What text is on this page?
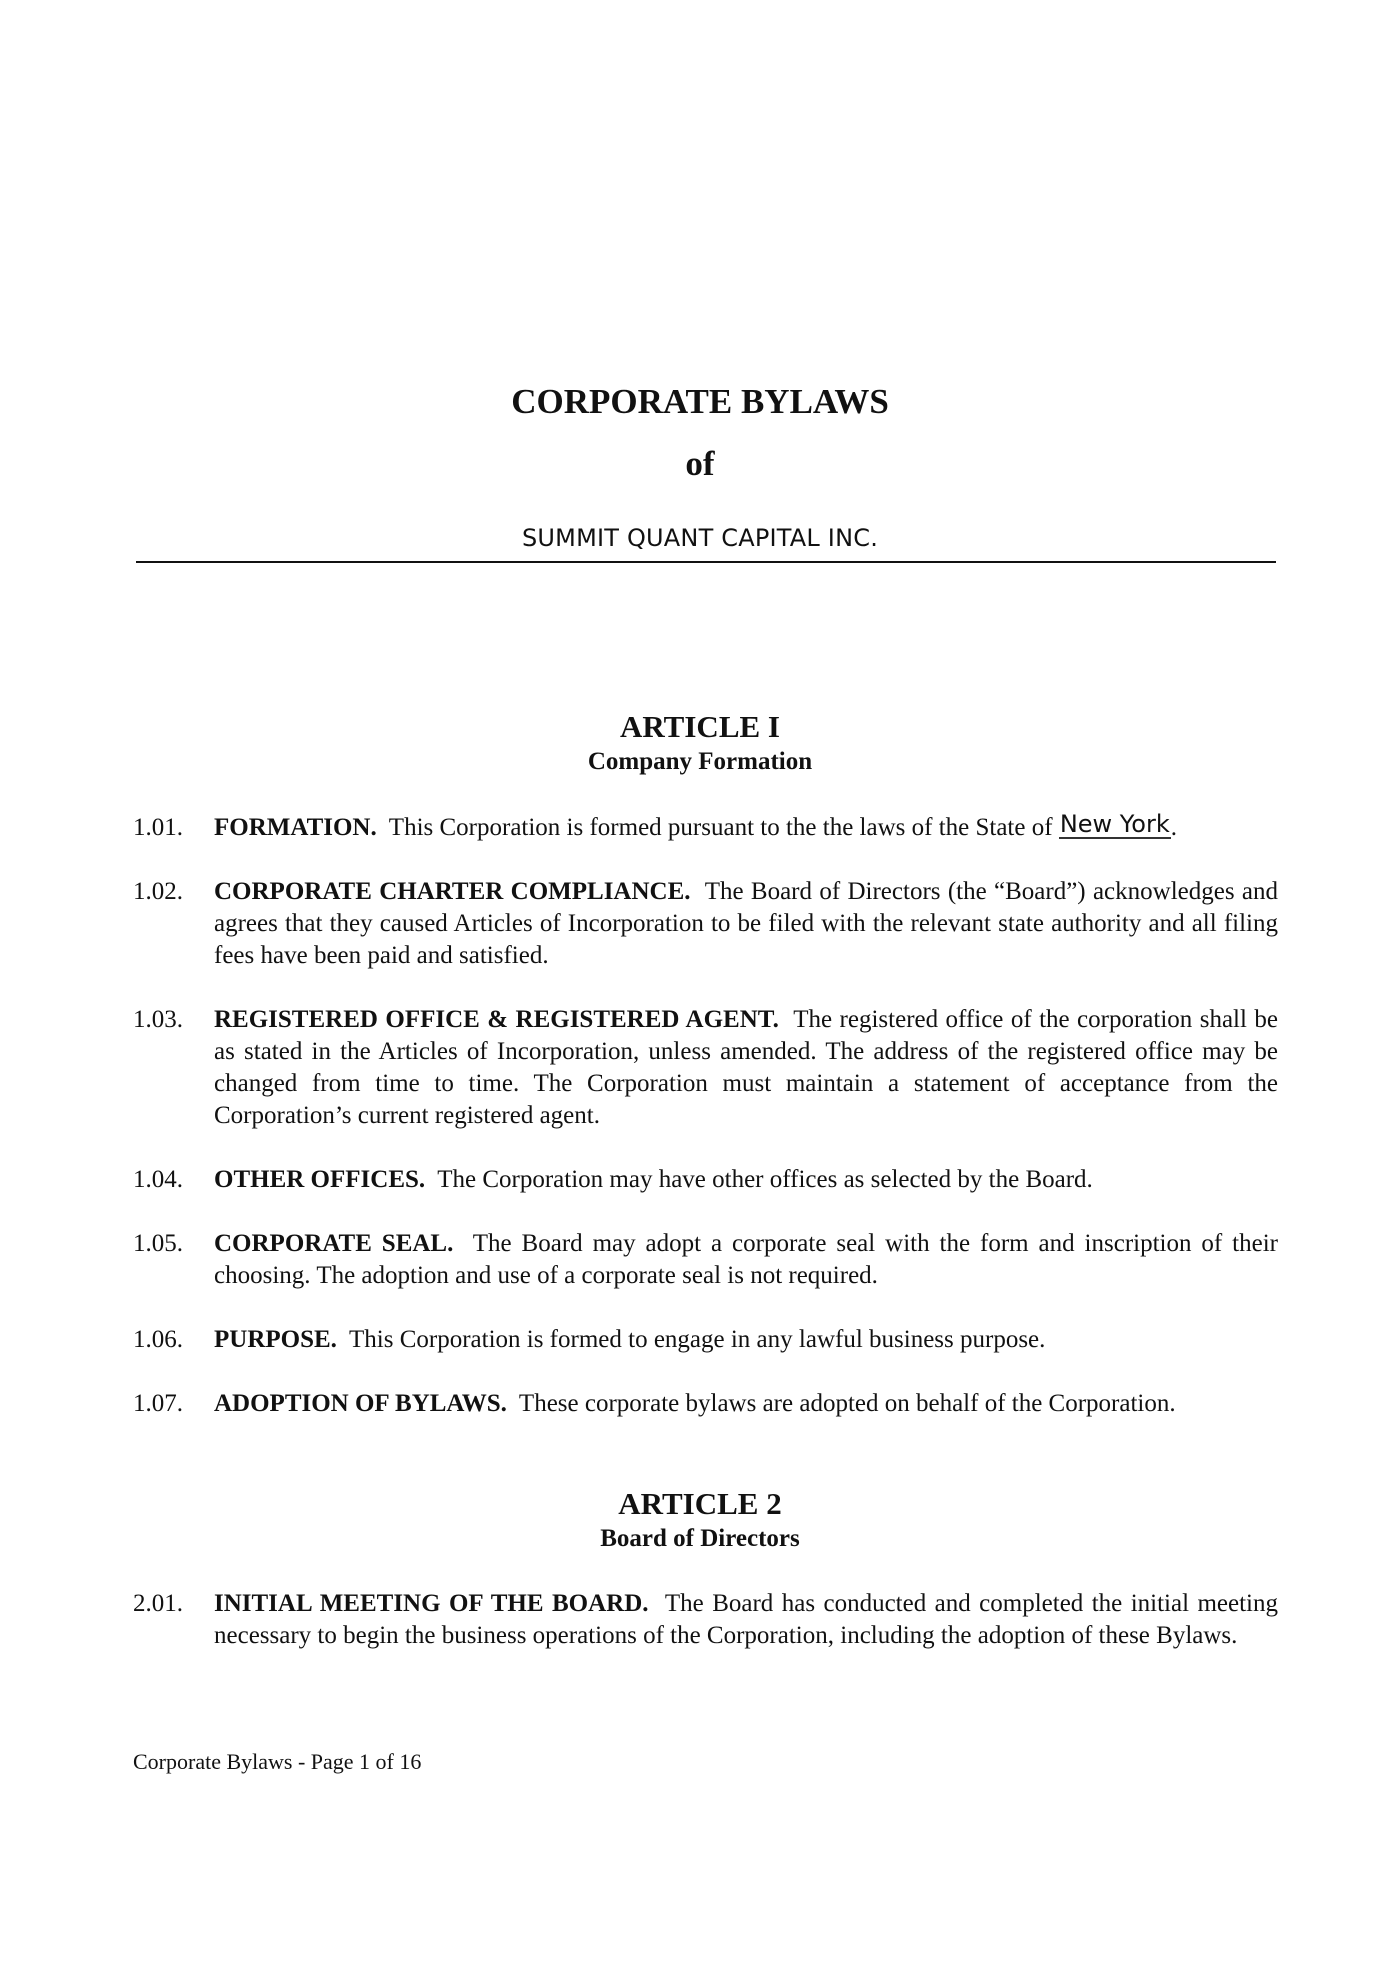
CORPORATE BYLAWS
of
SUMMIT QUANT CAPITAL INC.
ARTICLE I
Company Formation
1.01. FORMATION. This Corporation is formed pursuant to the the laws of the State of New York.
1.02. CORPORATE CHARTER COMPLIANCE. The Board of Directors (the “Board”) acknowledges and agrees that they caused Articles of Incorporation to be filed with the relevant state authority and all filing fees have been paid and satisfied.
1.03. REGISTERED OFFICE & REGISTERED AGENT. The registered office of the corporation shall be as stated in the Articles of Incorporation, unless amended. The address of the registered office may be changed from time to time. The Corporation must maintain a statement of acceptance from the Corporation’s current registered agent.
1.04. OTHER OFFICES. The Corporation may have other offices as selected by the Board.
1.05. CORPORATE SEAL. The Board may adopt a corporate seal with the form and inscription of their choosing. The adoption and use of a corporate seal is not required.
1.06. PURPOSE. This Corporation is formed to engage in any lawful business purpose.
1.07. ADOPTION OF BYLAWS. These corporate bylaws are adopted on behalf of the Corporation.
ARTICLE 2
Board of Directors
2.01. INITIAL MEETING OF THE BOARD. The Board has conducted and completed the initial meeting necessary to begin the business operations of the Corporation, including the adoption of these Bylaws.
Corporate Bylaws - Page 1 of 16
